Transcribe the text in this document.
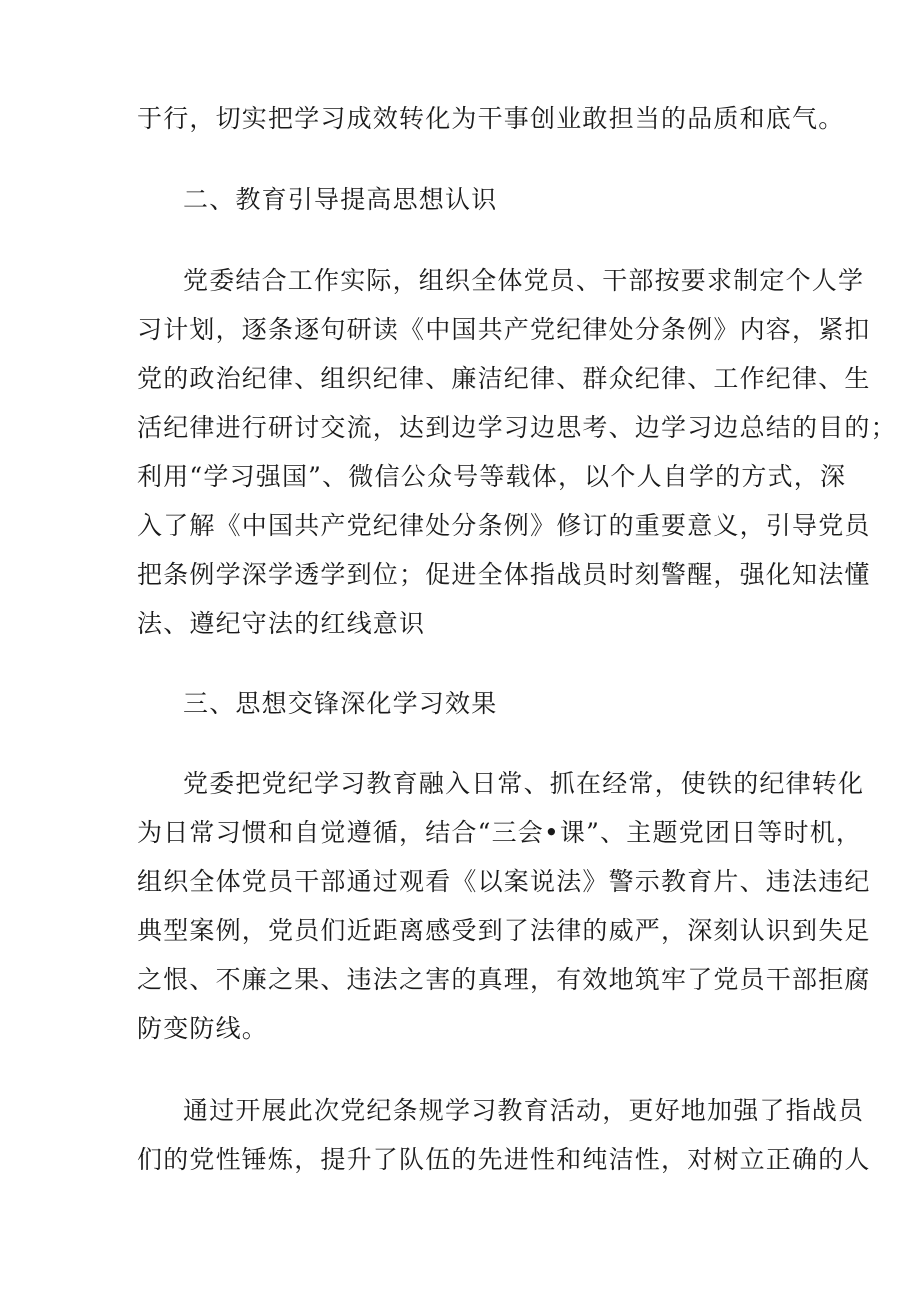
于行，切实把学习成效转化为干事创业敢担当的品质和底气。
二、教育引导提高思想认识
党委结合工作实际，组织全体党员、干部按要求制定个人学
习计划，逐条逐句研读《中国共产党纪律处分条例》内容，紧扣
党的政治纪律、组织纪律、廉洁纪律、群众纪律、工作纪律、生
活纪律进行研讨交流，达到边学习边思考、边学习边总结的目的；
利用“学习强国”、微信公众号等载体，以个人自学的方式，深
入了解《中国共产党纪律处分条例》修订的重要意义，引导党员
把条例学深学透学到位；促进全体指战员时刻警醒，强化知法懂
法、遵纪守法的红线意识
三、思想交锋深化学习效果
党委把党纪学习教育融入日常、抓在经常，使铁的纪律转化
为日常习惯和自觉遵循，结合“三会•课”、主题党团日等时机，
组织全体党员干部通过观看《以案说法》警示教育片、违法违纪
典型案例，党员们近距离感受到了法律的威严，深刻认识到失足
之恨、不廉之果、违法之害的真理，有效地筑牢了党员干部拒腐
防变防线。
通过开展此次党纪条规学习教育活动，更好地加强了指战员
们的党性锤炼，提升了队伍的先进性和纯洁性，对树立正确的人
